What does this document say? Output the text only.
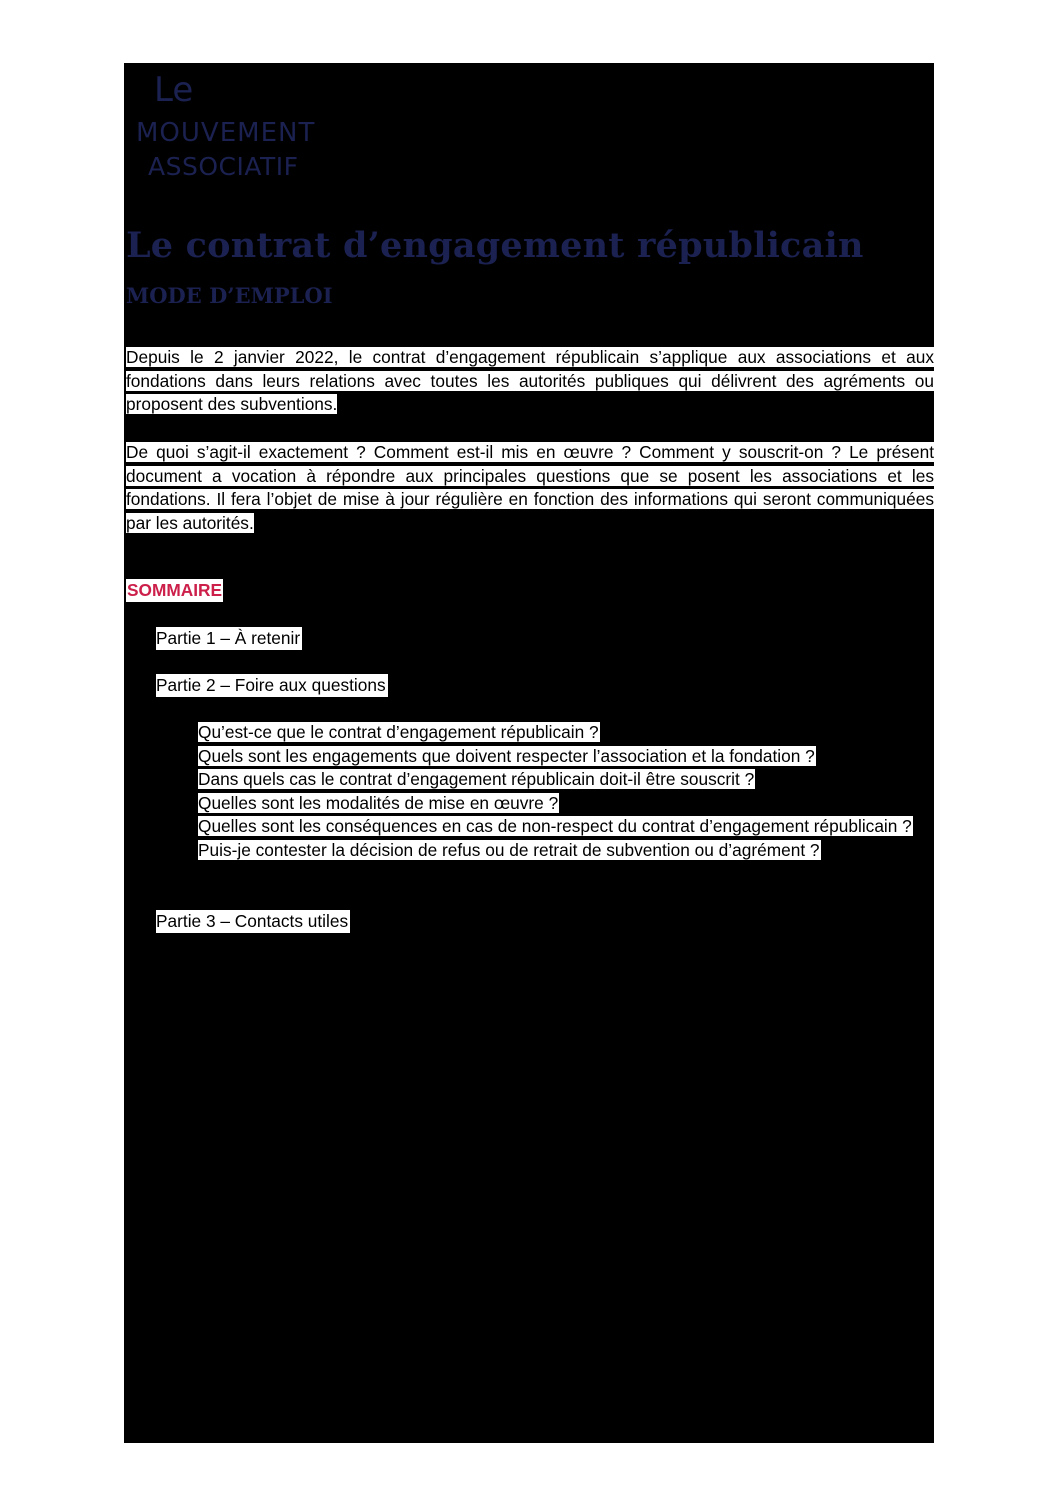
Le
MOUVEMENT
ASSOCIATIF
Le contrat d’engagement républicain
MODE D’EMPLOI

Depuis le 2 janvier 2022, le contrat d’engagement républicain s’applique aux associations et aux fondations dans leurs relations avec toutes les autorités publiques qui délivrent des agréments ou proposent des subventions.

De quoi s’agit-il exactement ? Comment est-il mis en œuvre ? Comment y souscrit-on ? Le présent document a vocation à répondre aux principales questions que se posent les associations et les fondations. Il fera l’objet de mise à jour régulière en fonction des informations qui seront communiquées par les autorités.

SOMMAIRE
Partie 1 – À retenir
Partie 2 – Foire aux questions
Qu’est-ce que le contrat d’engagement républicain ?
Quels sont les engagements que doivent respecter l’association et la fondation ?
Dans quels cas le contrat d’engagement républicain doit-il être souscrit ?
Quelles sont les modalités de mise en œuvre ?
Quelles sont les conséquences en cas de non-respect du contrat d’engagement républicain ?
Puis-je contester la décision de refus ou de retrait de subvention ou d’agrément ?
Partie 3 – Contacts utiles
